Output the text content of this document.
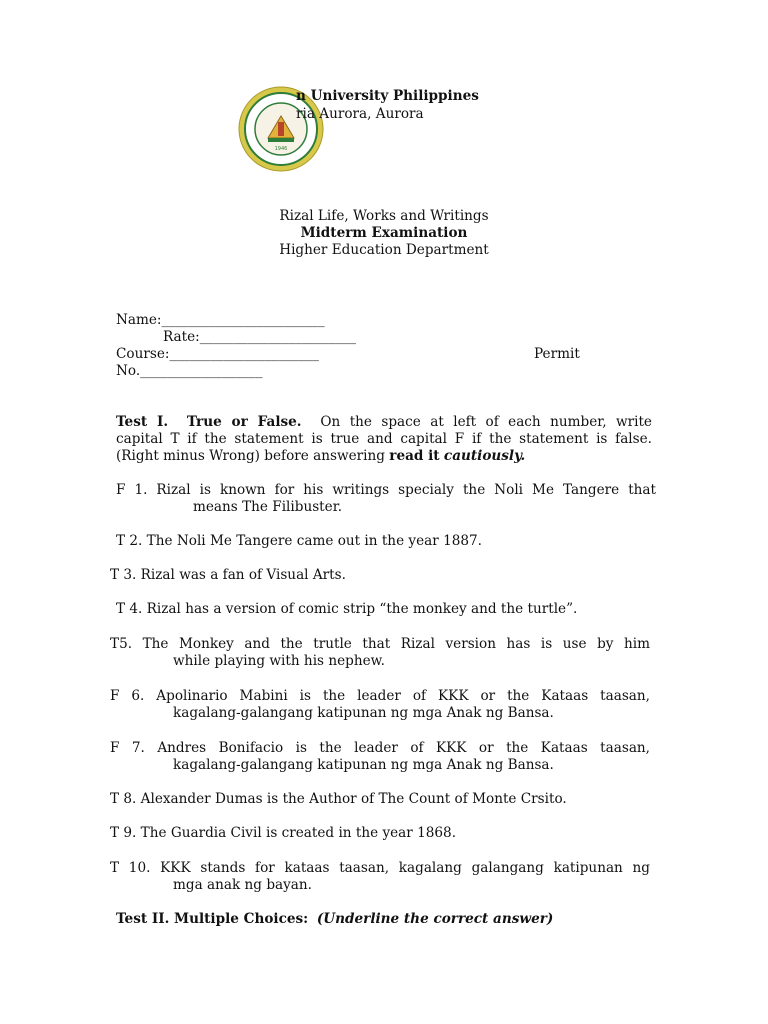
1946
n University Philippines
ria Aurora, Aurora
Rizal Life, Works and Writings
Midterm Examination
Higher Education Department
Name:________________________
Rate:_______________________
Course:______________________	Permit
No.__________________
Test I. True or False. On the space at left of each number, write
capital T if the statement is true and capital F if the statement is false.
(Right minus Wrong) before answering read it cautiously.
F 1. Rizal is known for his writings specialy the Noli Me Tangere that
means The Filibuster.
T 2. The Noli Me Tangere came out in the year 1887.
T 3. Rizal was a fan of Visual Arts.
T 4. Rizal has a version of comic strip “the monkey and the turtle”.
T5. The Monkey and the trutle that Rizal version has is use by him
while playing with his nephew.
F 6. Apolinario Mabini is the leader of KKK or the Kataas taasan,
kagalang-galangang katipunan ng mga Anak ng Bansa.
F 7. Andres Bonifacio is the leader of KKK or the Kataas taasan,
kagalang-galangang katipunan ng mga Anak ng Bansa.
T 8. Alexander Dumas is the Author of The Count of Monte Crsito.
T 9. The Guardia Civil is created in the year 1868.
T 10. KKK stands for kataas taasan, kagalang galangang katipunan ng
mga anak ng bayan.
Test II. Multiple Choices: (Underline the correct answer)
